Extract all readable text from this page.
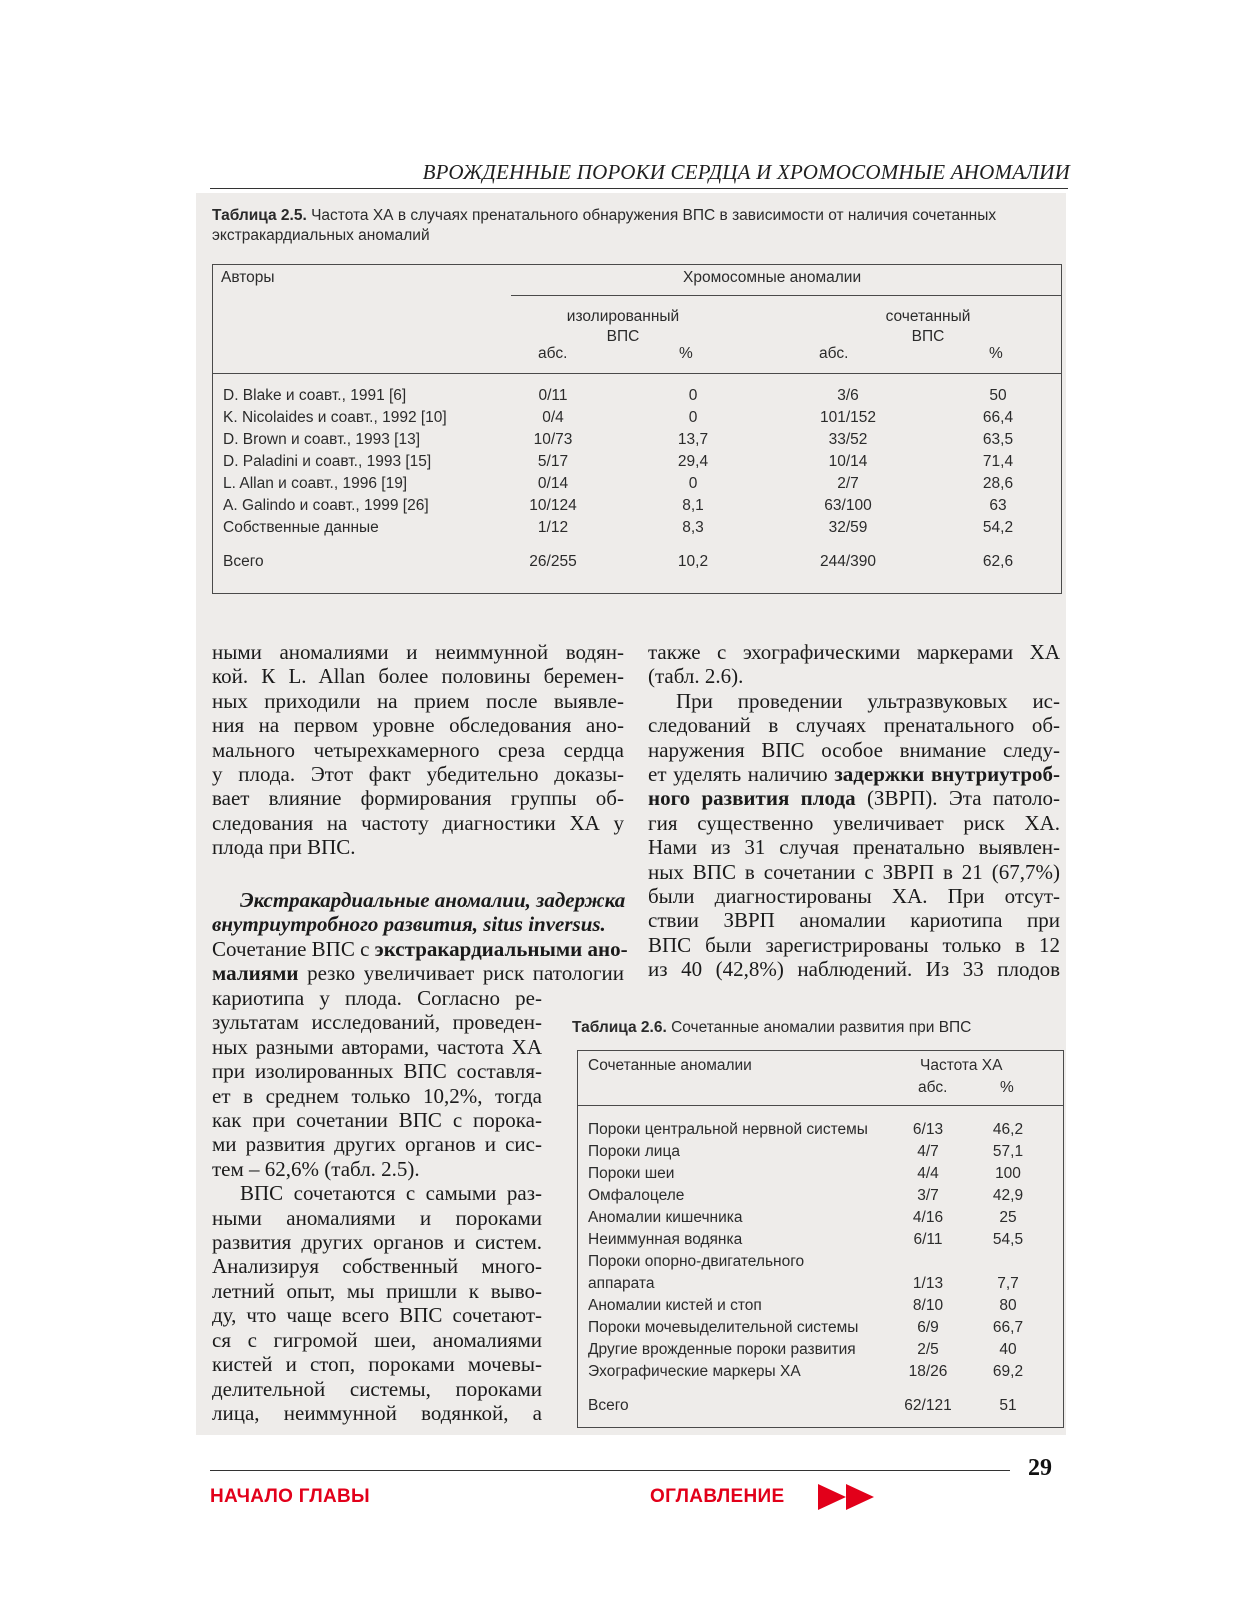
ВРОЖДЕННЫЕ ПОРОКИ СЕРДЦА И ХРОМОСОМНЫЕ АНОМАЛИИ
Таблица 2.5. Частота ХА в случаях пренатального обнаружения ВПС в зависимости от наличия сочетанных
экстракардиальных аномалий
Авторы	Хромосомные аномалии
изолированный
ВПС
сочетанный
ВПС
абс.	%	абс.	%
D. Blake и соавт., 1991 [6]	0/11	0	3/6	50
K. Nicolaides и соавт., 1992 [10]	0/4	0	101/152	66,4
D. Brown и соавт., 1993 [13]	10/73	13,7	33/52	63,5
D. Paladini и соавт., 1993 [15]	5/17	29,4	10/14	71,4
L. Allan и соавт., 1996 [19]	0/14	0	2/7	28,6
A. Galindo и соавт., 1999 [26]	10/124	8,1	63/100	63
Собственные данные	1/12	8,3	32/59	54,2
Всего	26/255	10,2	244/390	62,6
ными аномалиями и неиммунной водян-
кой. К L. Allan более половины беремен-
ных приходили на прием после выявле-
ния на первом уровне обследования ано-
мального четырехкамерного среза сердца
у плода. Этот факт убедительно доказы-
вает влияние формирования группы об-
следования на частоту диагностики ХА у
плода при ВПС.
Экстракардиальные аномалии, задержка
внутриутробного развития, situs inversus.
Сочетание ВПС с экстракардиальными ано-
малиями резко увеличивает риск патологии
кариотипа у плода. Согласно ре-
зультатам исследований, проведен-
ных разными авторами, частота ХА
при изолированных ВПС составля-
ет в среднем только 10,2%, тогда
как при сочетании ВПС с порока-
ми развития других органов и сис-
тем – 62,6% (табл. 2.5).
ВПС сочетаются с самыми раз-
ными аномалиями и пороками
развития других органов и систем.
Анализируя собственный много-
летний опыт, мы пришли к выво-
ду, что чаще всего ВПС сочетают-
ся с гигромой шеи, аномалиями
кистей и стоп, пороками мочевы-
делительной системы, пороками
лица, неиммунной водянкой, а
также с эхографическими маркерами ХА
(табл. 2.6).
При проведении ультразвуковых ис-
следований в случаях пренатального об-
наружения ВПС особое внимание следу-
ет уделять наличию задержки внутриутроб-
ного развития плода (ЗВРП). Эта патоло-
гия существенно увеличивает риск ХА.
Нами из 31 случая пренатально выявлен-
ных ВПС в сочетании с ЗВРП в 21 (67,7%)
были диагностированы ХА. При отсут-
ствии ЗВРП аномалии кариотипа при
ВПС были зарегистрированы только в 12
из 40 (42,8%) наблюдений. Из 33 плодов
Таблица 2.6. Сочетанные аномалии развития при ВПС
Сочетанные аномалии	Частота ХА
абс.	%
Пороки центральной нервной системы	6/13	46,2
Пороки лица	4/7	57,1
Пороки шеи	4/4	100
Омфалоцеле	3/7	42,9
Аномалии кишечника	4/16	25
Неиммунная водянка	6/11	54,5
Пороки опорно-двигательного
аппарата	1/13	7,7
Аномалии кистей и стоп	8/10	80
Пороки мочевыделительной системы	6/9	66,7
Другие врожденные пороки развития	2/5	40
Эхографические маркеры ХА	18/26	69,2
Всего	62/121	51
29
НАЧАЛО ГЛАВЫ	ОГЛАВЛЕНИЕ
